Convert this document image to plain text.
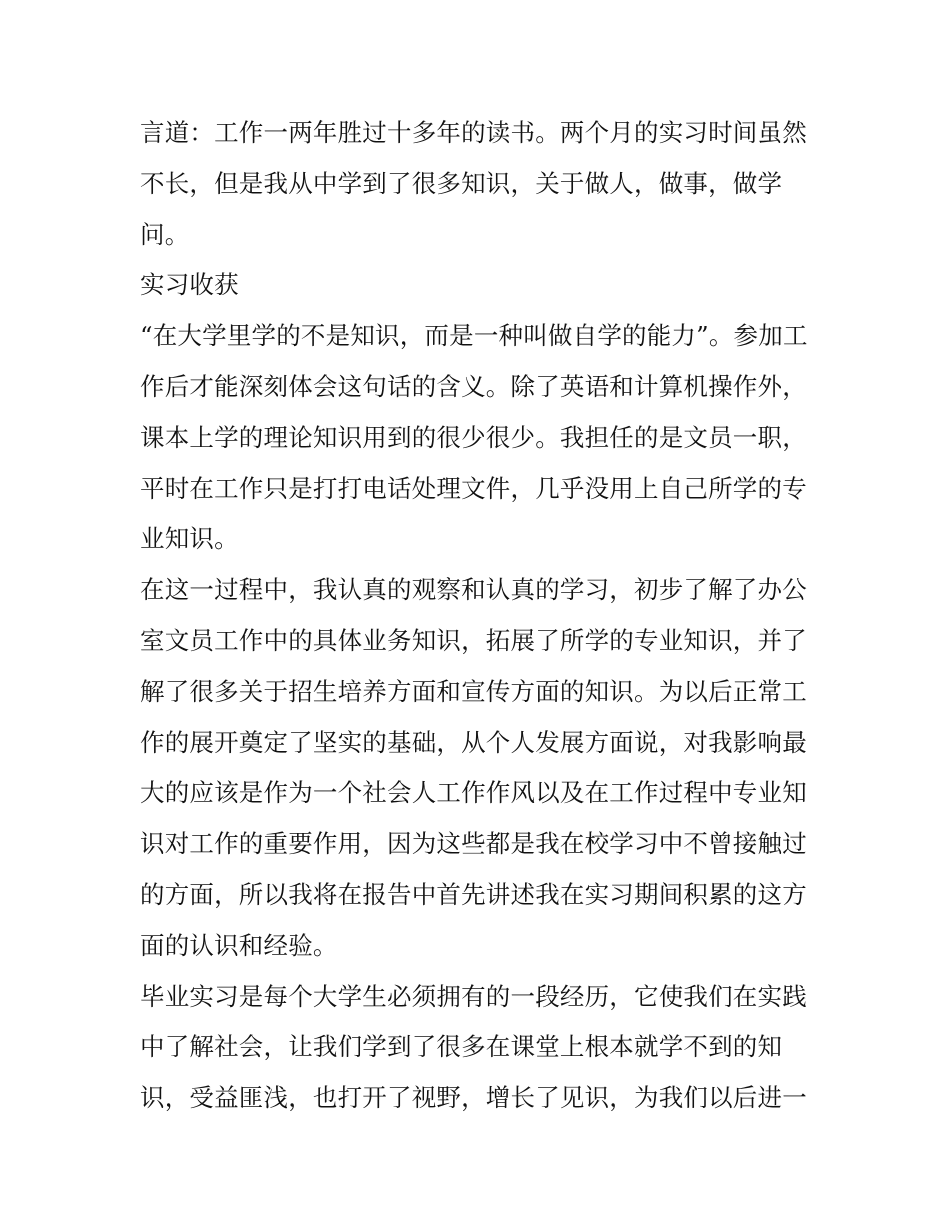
言道：工作一两年胜过十多年的读书。两个月的实习时间虽然
不长，但是我从中学到了很多知识，关于做人，做事，做学
问。

实习收获

“在大学里学的不是知识，而是一种叫做自学的能力”。参加工
作后才能深刻体会这句话的含义。除了英语和计算机操作外，
课本上学的理论知识用到的很少很少。我担任的是文员一职，
平时在工作只是打打电话处理文件，几乎没用上自己所学的专
业知识。

在这一过程中，我认真的观察和认真的学习，初步了解了办公
室文员工作中的具体业务知识，拓展了所学的专业知识，并了
解了很多关于招生培养方面和宣传方面的知识。为以后正常工
作的展开奠定了坚实的基础，从个人发展方面说，对我影响最
大的应该是作为一个社会人工作作风以及在工作过程中专业知
识对工作的重要作用，因为这些都是我在校学习中不曾接触过
的方面，所以我将在报告中首先讲述我在实习期间积累的这方
面的认识和经验。

毕业实习是每个大学生必须拥有的一段经历，它使我们在实践
中了解社会，让我们学到了很多在课堂上根本就学不到的知
识，受益匪浅，也打开了视野，增长了见识，为我们以后进一
